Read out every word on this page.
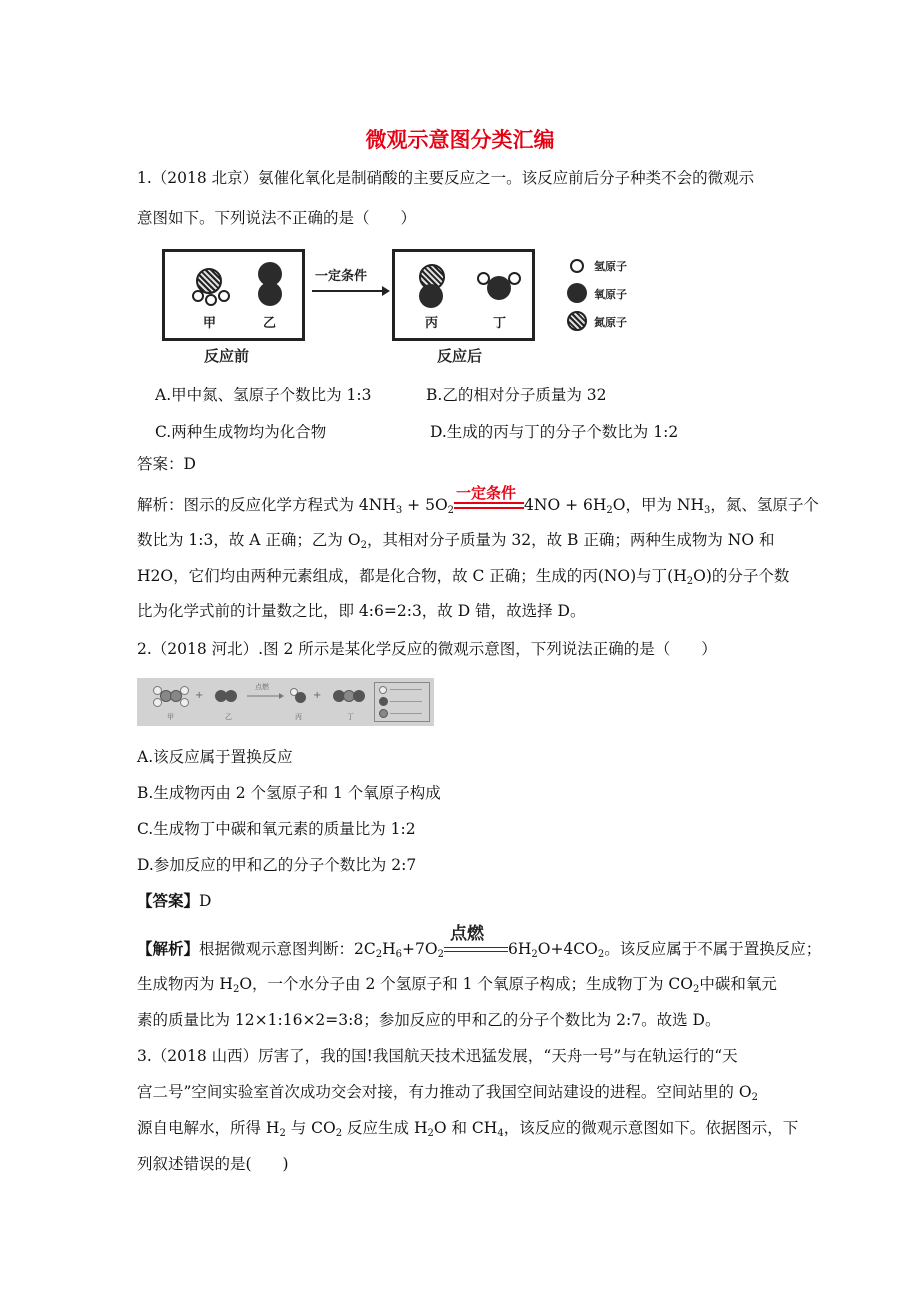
微观示意图分类汇编
1.（2018 北京）氨催化氧化是制硝酸的主要反应之一。该反应前后分子种类不会的微观示
意图如下。下列说法不正确的是（　　）
甲	乙
一定条件
丙	丁
反应前	反应后
氢原子
氧原子
氮原子
A.甲中氮、氢原子个数比为 1:3	B.乙的相对分子质量为 32
C.两种生成物均为化合物	D.生成的丙与丁的分子个数比为 1:2
答案：D
解析：图示的反应化学方程式为 $4NH_3 + 5O_2$
一定条件
$4NO + 6H_2O$，甲为 $NH_3$，氮、氢原子个
数比为 1:3，故 A 正确；乙为 $O_2$，其相对分子质量为 32，故 B 正确；两种生成物为 NO 和
H2O，它们均由两种元素组成，都是化合物，故 C 正确；生成的丙(NO)与丁$(H_2O)$的分子个数
比为化学式前的计量数之比，即 4:6=2:3，故 D 错，故选择 D。
2.（2018 河北）.图 2 所示是某化学反应的微观示意图，下列说法正确的是（　　）
+
甲	乙
点燃
丙
+
丁
A.该反应属于置换反应
B.生成物丙由 2 个氢原子和 1 个氧原子构成
C.生成物丁中碳和氧元素的质量比为 1:2
D.参加反应的甲和乙的分子个数比为 2:7
【答案】D
【解析】根据微观示意图判断：$2C_2H_6+7O_2$
点燃
$6H_2O+4CO_2$。该反应属于不属于置换反应；
生成物丙为 $H_2O$，一个水分子由 2 个氢原子和 1 个氧原子构成；生成物丁为 $CO_2$中碳和氧元
素的质量比为 12×1:16×2=3:8；参加反应的甲和乙的分子个数比为 2:7。故选 D。
3.（2018 山西）厉害了，我的国!我国航天技术迅猛发展，“天舟一号”与在轨运行的“天
宫二号”空间实验室首次成功交会对接，有力推动了我国空间站建设的进程。空间站里的 $O_2$
源自电解水，所得 $H_2$ 与 $CO_2$ 反应生成 $H_2O$ 和 $CH_4$，该反应的微观示意图如下。依据图示，下
列叙述错误的是(　　)
